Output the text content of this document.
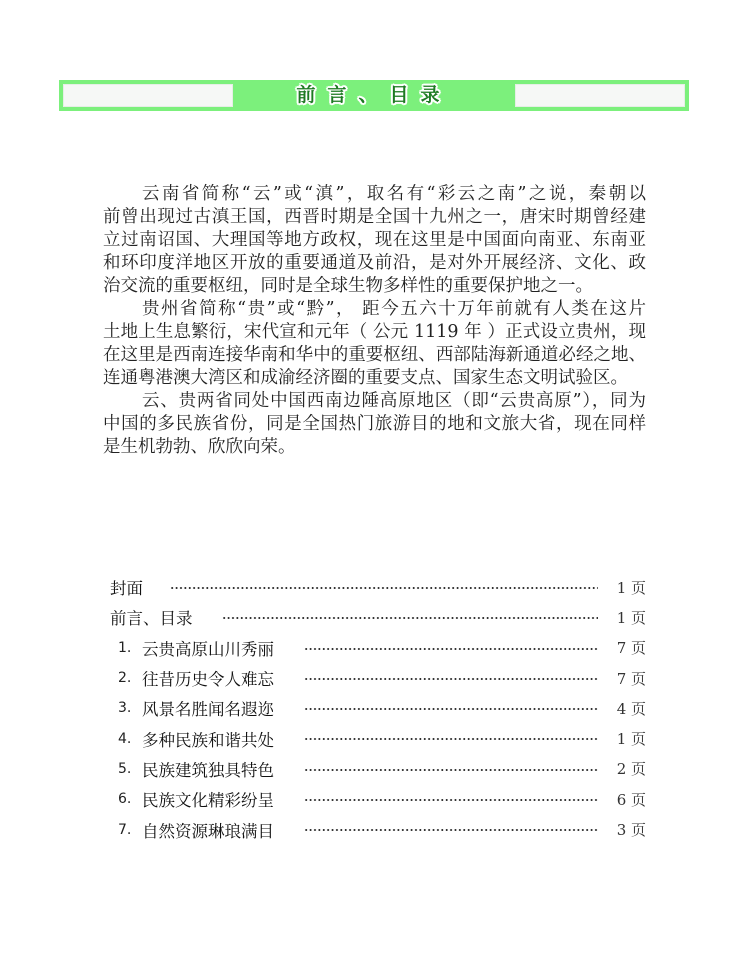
前言、目录
云南省简称“云”或“滇”，取名有“彩云之南”之说，秦朝以
前曾出现过古滇王国，西晋时期是全国十九州之一，唐宋时期曾经建
立过南诏国、大理国等地方政权，现在这里是中国面向南亚、东南亚
和环印度洋地区开放的重要通道及前沿，是对外开展经济、文化、政
治交流的重要枢纽，同时是全球生物多样性的重要保护地之一。
贵州省简称“贵”或“黔”， 距今五六十万年前就有人类在这片
土地上生息繁衍，宋代宣和元年（ 公元 1119 年 ）正式设立贵州，现
在这里是西南连接华南和华中的重要枢纽、西部陆海新通道必经之地、
连通粤港澳大湾区和成渝经济圈的重要支点、国家生态文明试验区。
云、贵两省同处中国西南边陲高原地区（即“云贵高原”），同为
中国的多民族省份，同是全国热门旅游目的地和文旅大省，现在同样
是生机勃勃、欣欣向荣。
封面	1 页
前言、目录	1 页
1. 云贵高原山川秀丽	7 页
2. 往昔历史令人难忘	7 页
3. 风景名胜闻名遐迩	4 页
4. 多种民族和谐共处	1 页
5. 民族建筑独具特色	2 页
6. 民族文化精彩纷呈	6 页
7. 自然资源琳琅满目	3 页
